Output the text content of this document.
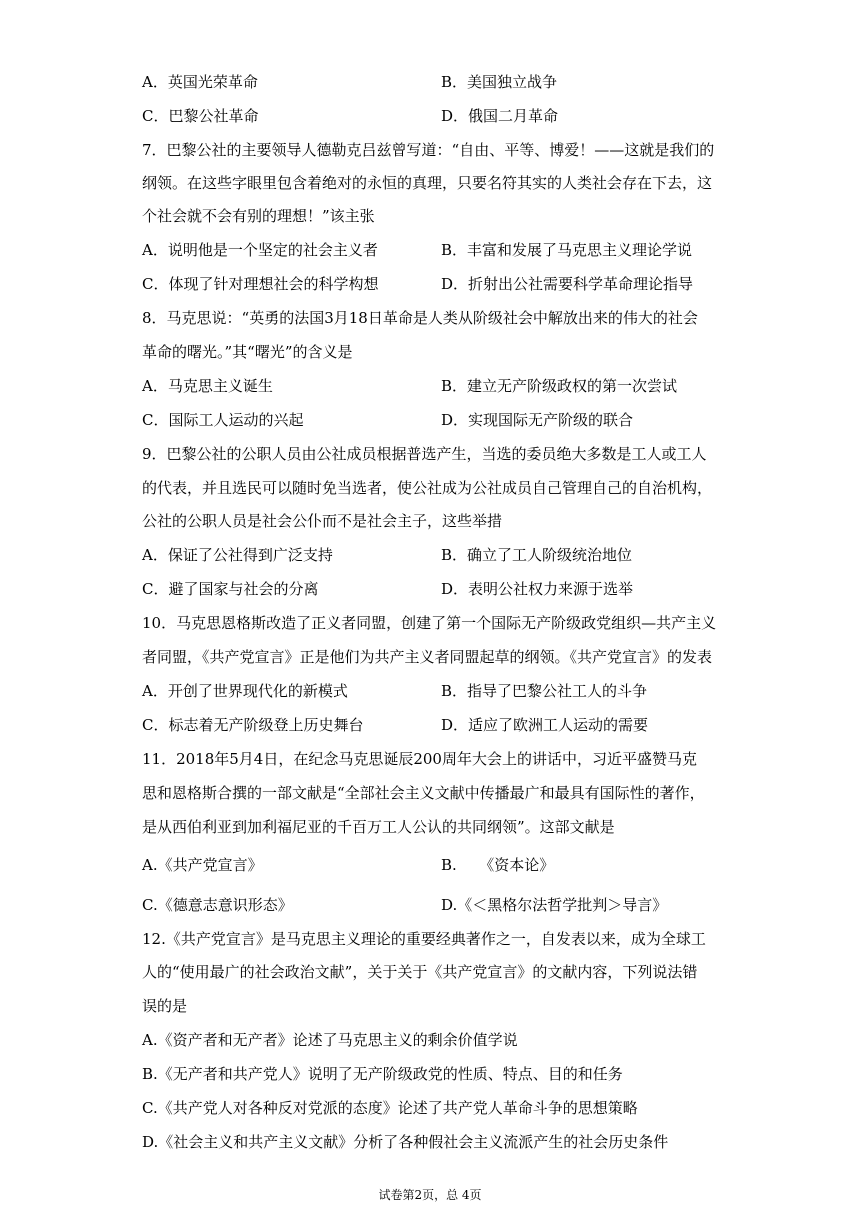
A．英国光荣革命	B．美国独立战争
C．巴黎公社革命	D．俄国二月革命
7．巴黎公社的主要领导人德勒克吕兹曾写道：“自由、平等、博爱！——这就是我们的
纲领。在这些字眼里包含着绝对的永恒的真理，只要名符其实的人类社会存在下去，这
个社会就不会有别的理想！”该主张
A．说明他是一个坚定的社会主义者	B．丰富和发展了马克思主义理论学说
C．体现了针对理想社会的科学构想	D．折射出公社需要科学革命理论指导
8．马克思说：“英勇的法国3月18日革命是人类从阶级社会中解放出来的伟大的社会
革命的曙光。”其“曙光”的含义是
A．马克思主义诞生	B．建立无产阶级政权的第一次尝试
C．国际工人运动的兴起	D．实现国际无产阶级的联合
9．巴黎公社的公职人员由公社成员根据普选产生，当选的委员绝大多数是工人或工人
的代表，并且选民可以随时免当选者，使公社成为公社成员自己管理自己的自治机构，
公社的公职人员是社会公仆而不是社会主子，这些举措
A．保证了公社得到广泛支持	B．确立了工人阶级统治地位
C．避了国家与社会的分离	D．表明公社权力来源于选举
10．马克思恩格斯改造了正义者同盟，创建了第一个国际无产阶级政党组织—共产主义
者同盟，《共产党宣言》正是他们为共产主义者同盟起草的纲领。《共产党宣言》的发表
A．开创了世界现代化的新模式	B．指导了巴黎公社工人的斗争
C．标志着无产阶级登上历史舞台	D．适应了欧洲工人运动的需要
11．2018年5月4日，在纪念马克思诞辰200周年大会上的讲话中，习近平盛赞马克
思和恩格斯合撰的一部文献是“全部社会主义文献中传播最广和最具有国际性的著作，
是从西伯利亚到加利福尼亚的千百万工人公认的共同纲领”。这部文献是
A.《共产党宣言》	B.　　《资本论》
C.《德意志意识形态》	D.《＜黑格尔法哲学批判＞导言》
12.《共产党宣言》是马克思主义理论的重要经典著作之一，自发表以来，成为全球工
人的“使用最广的社会政治文献”，关于关于《共产党宣言》的文献内容，下列说法错
误的是
A.《资产者和无产者》论述了马克思主义的剩余价值学说
B.《无产者和共产党人》说明了无产阶级政党的性质、特点、目的和任务
C.《共产党人对各种反对党派的态度》论述了共产党人革命斗争的思想策略
D.《社会主义和共产主义文献》分析了各种假社会主义流派产生的社会历史条件
试卷第2页，总 4页
